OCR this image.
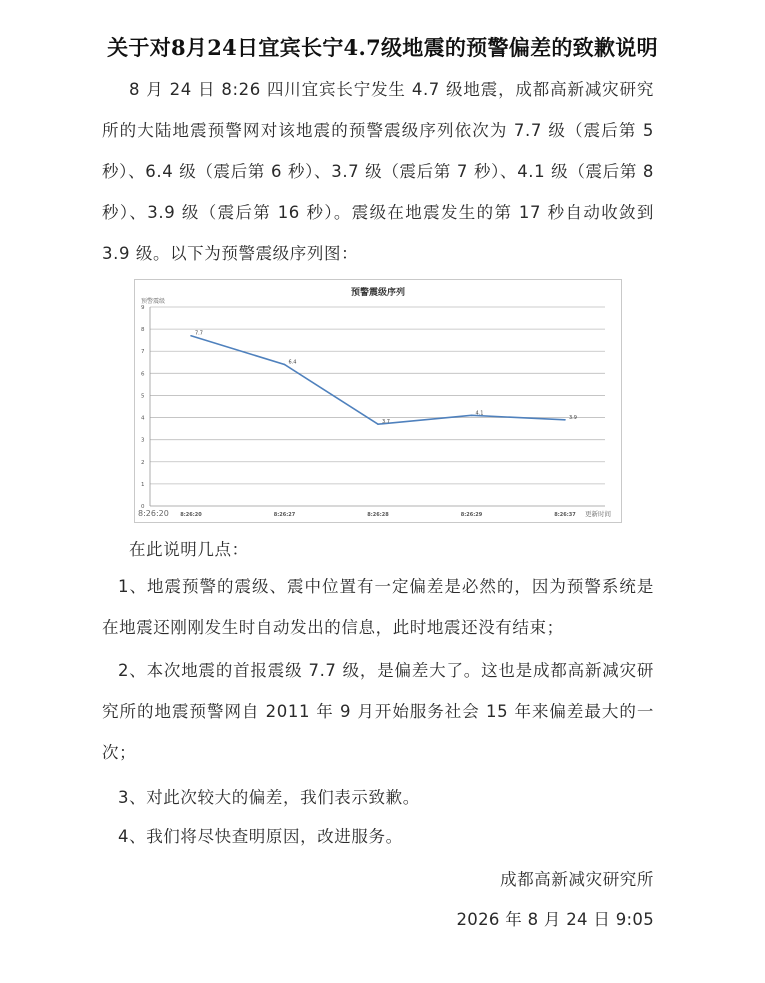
关于对8月24日宜宾长宁4.7级地震的预警偏差的致歉说明
8 月 24 日 8:26 四川宜宾长宁发生 4.7 级地震，成都高新减灾研究所的大陆地震预警网对该地震的预警震级序列依次为 7.7 级（震后第 5 秒）、6.4 级（震后第 6 秒）、3.7 级（震后第 7 秒）、4.1 级（震后第 8 秒）、3.9 级（震后第 16 秒）。震级在地震发生的第 17 秒自动收敛到 3.9 级。以下为预警震级序列图：
0
1
2
3
4
5
6
7
8
9
预警震级序列
预警震级
更新时间
8:26:20	8:26:27	8:26:28	8:26:29	8:26:37
8:26:20
7.7
6.4
3.7
4.1
3.9
在此说明几点：
1、地震预警的震级、震中位置有一定偏差是必然的，因为预警系统是在地震还刚刚发生时自动发出的信息，此时地震还没有结束；
2、本次地震的首报震级 7.7 级，是偏差大了。这也是成都高新减灾研究所的地震预警网自 2011 年 9 月开始服务社会 15 年来偏差最大的一次；
3、对此次较大的偏差，我们表示致歉。
4、我们将尽快查明原因，改进服务。
成都高新减灾研究所
2026 年 8 月 24 日 9:05
